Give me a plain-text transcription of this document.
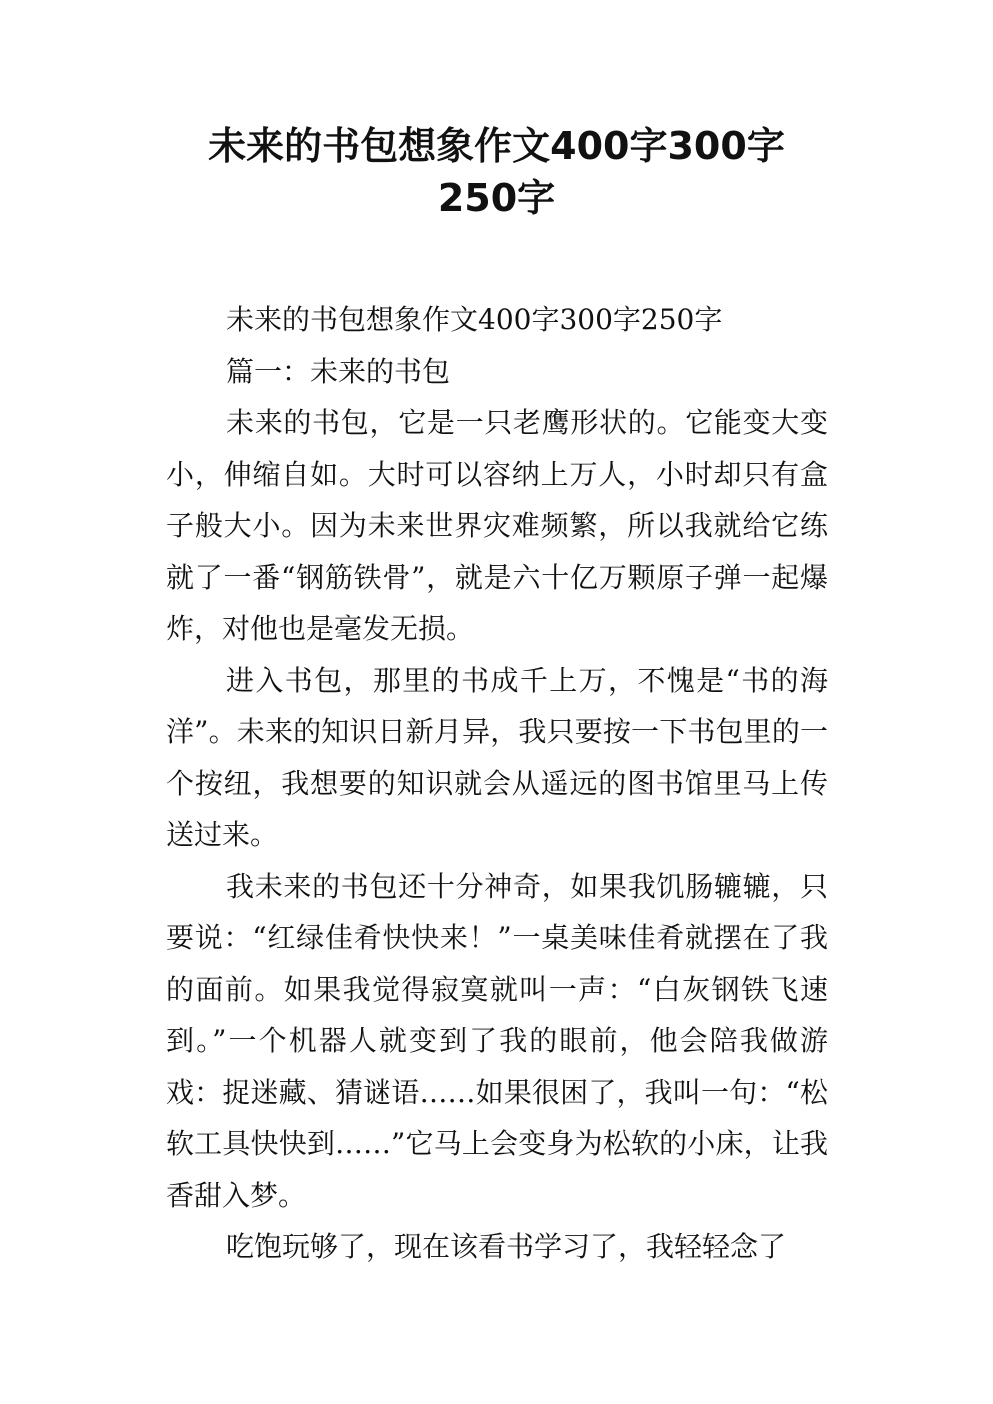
未来的书包想象作文400字300字
250字

未来的书包想象作文400字300字250字

篇一：未来的书包

未来的书包，它是一只老鹰形状的。它能变大变小，伸缩自如。大时可以容纳上万人，小时却只有盒子般大小。因为未来世界灾难频繁，所以我就给它练就了一番“钢筋铁骨”，就是六十亿万颗原子弹一起爆炸，对他也是毫发无损。

进入书包，那里的书成千上万，不愧是“书的海洋”。未来的知识日新月异，我只要按一下书包里的一个按纽，我想要的知识就会从遥远的图书馆里马上传送过来。

我未来的书包还十分神奇，如果我饥肠辘辘，只要说：“红绿佳肴快快来！”一桌美味佳肴就摆在了我的面前。如果我觉得寂寞就叫一声：“白灰钢铁飞速到。”一个机器人就变到了我的眼前，他会陪我做游戏：捉迷藏、猜谜语……如果很困了，我叫一句：“松软工具快快到……”它马上会变身为松软的小床，让我香甜入梦。

吃饱玩够了，现在该看书学习了，我轻轻念了
